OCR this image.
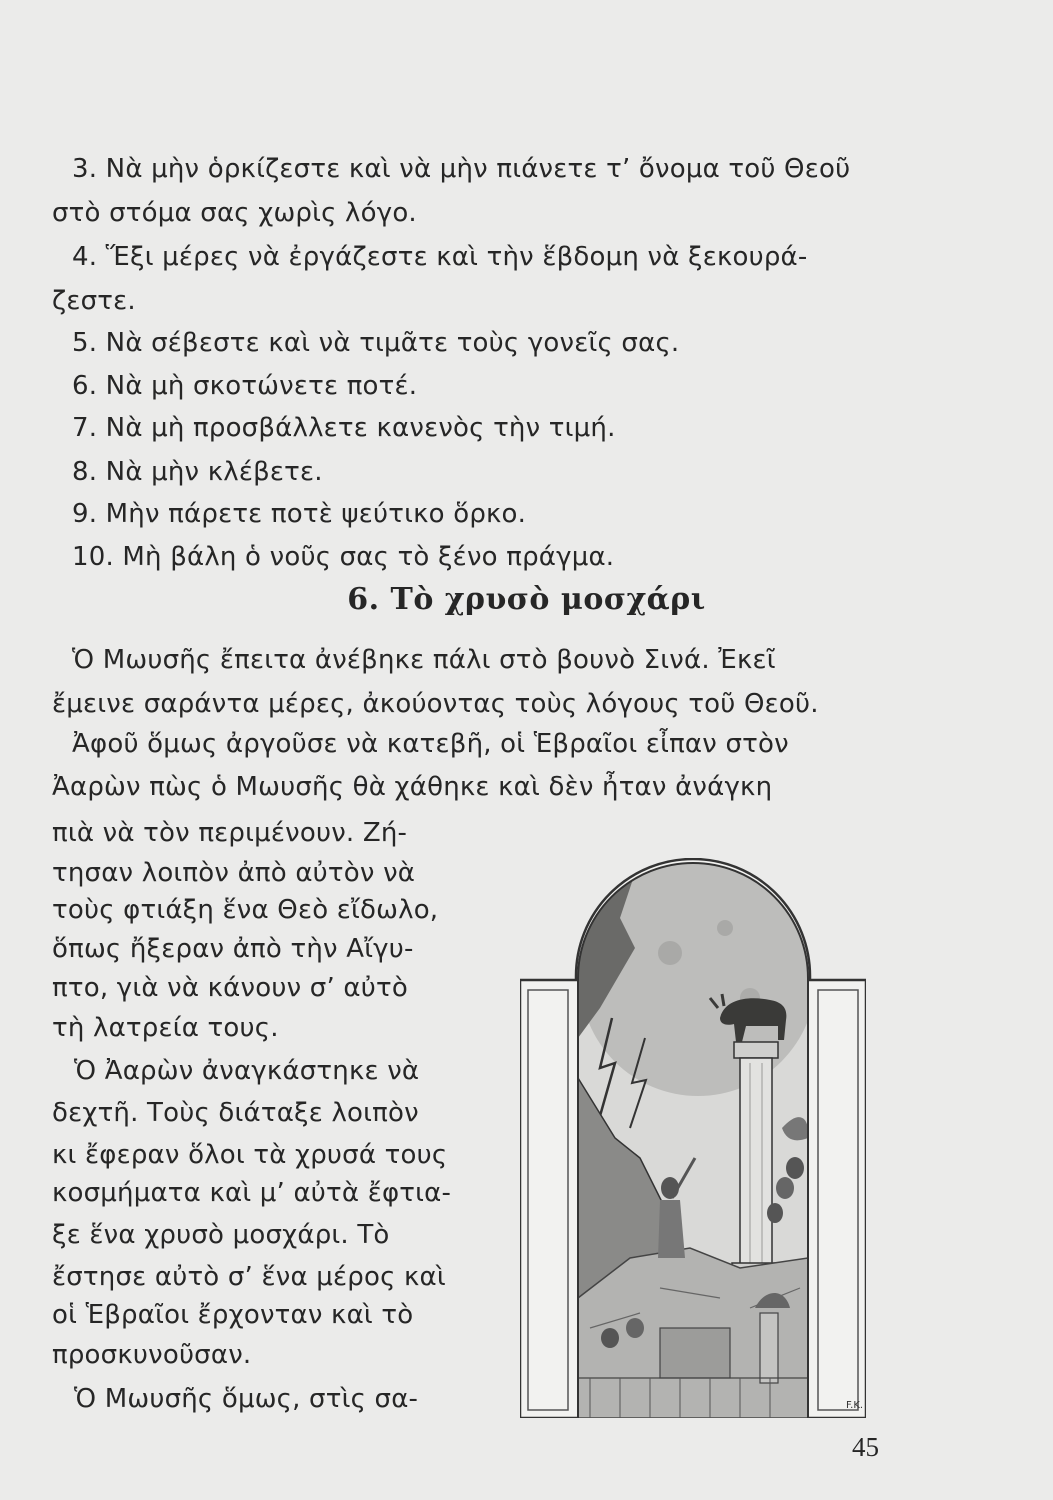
3. Νὰ μὴν ὁρκίζεστε καὶ νὰ μὴν πιάνετε τ’ ὄνομα τοῦ Θεοῦ
στὸ στόμα σας χωρὶς λόγο.
4. Ἕξι μέρες νὰ ἐργάζεστε καὶ τὴν ἕβδομη νὰ ξεκουρά-
ζεστε.
5. Νὰ σέβεστε καὶ νὰ τιμᾶτε τοὺς γονεῖς σας.
6. Νὰ μὴ σκοτώνετε ποτέ.
7. Νὰ μὴ προσβάλλετε κανενὸς τὴν τιμή.
8. Νὰ μὴν κλέβετε.
9. Μὴν πάρετε ποτὲ ψεύτικο ὅρκο.
10. Μὴ βάλη ὁ νοῦς σας τὸ ξένο πράγμα.
6. Τὸ χρυσὸ μοσχάρι
Ὁ Μωυσῆς ἔπειτα ἀνέβηκε πάλι στὸ βουνὸ Σινά. Ἐκεῖ
ἔμεινε σαράντα μέρες, ἀκούοντας τοὺς λόγους τοῦ Θεοῦ.
Ἀφοῦ ὅμως ἀργοῦσε νὰ κατεβῆ, οἱ Ἑβραῖοι εἶπαν στὸν
Ἀαρὼν πὼς ὁ Μωυσῆς θὰ χάθηκε καὶ δὲν ἦταν ἀνάγκη
πιὰ νὰ τὸν περιμένουν. Ζή-
τησαν λοιπὸν ἀπὸ αὐτὸν νὰ
τοὺς φτιάξη ἕνα Θεὸ εἴδωλο,
ὅπως ἤξεραν ἀπὸ τὴν Αἴγυ-
πτο, γιὰ νὰ κάνουν σ’ αὐτὸ
τὴ λατρεία τους.
Ὁ Ἀαρὼν ἀναγκάστηκε νὰ
δεχτῆ. Τοὺς διάταξε λοιπὸν
κι ἔφεραν ὅλοι τὰ χρυσά τους
κοσμήματα καὶ μ’ αὐτὰ ἔφτια-
ξε ἕνα χρυσὸ μοσχάρι. Τὸ
ἔστησε αὐτὸ σ’ ἕνα μέρος καὶ
οἱ Ἑβραῖοι ἔρχονταν καὶ τὸ
προσκυνοῦσαν.
Ὁ Μωυσῆς ὅμως, στὶς σα-	F.K.
45
